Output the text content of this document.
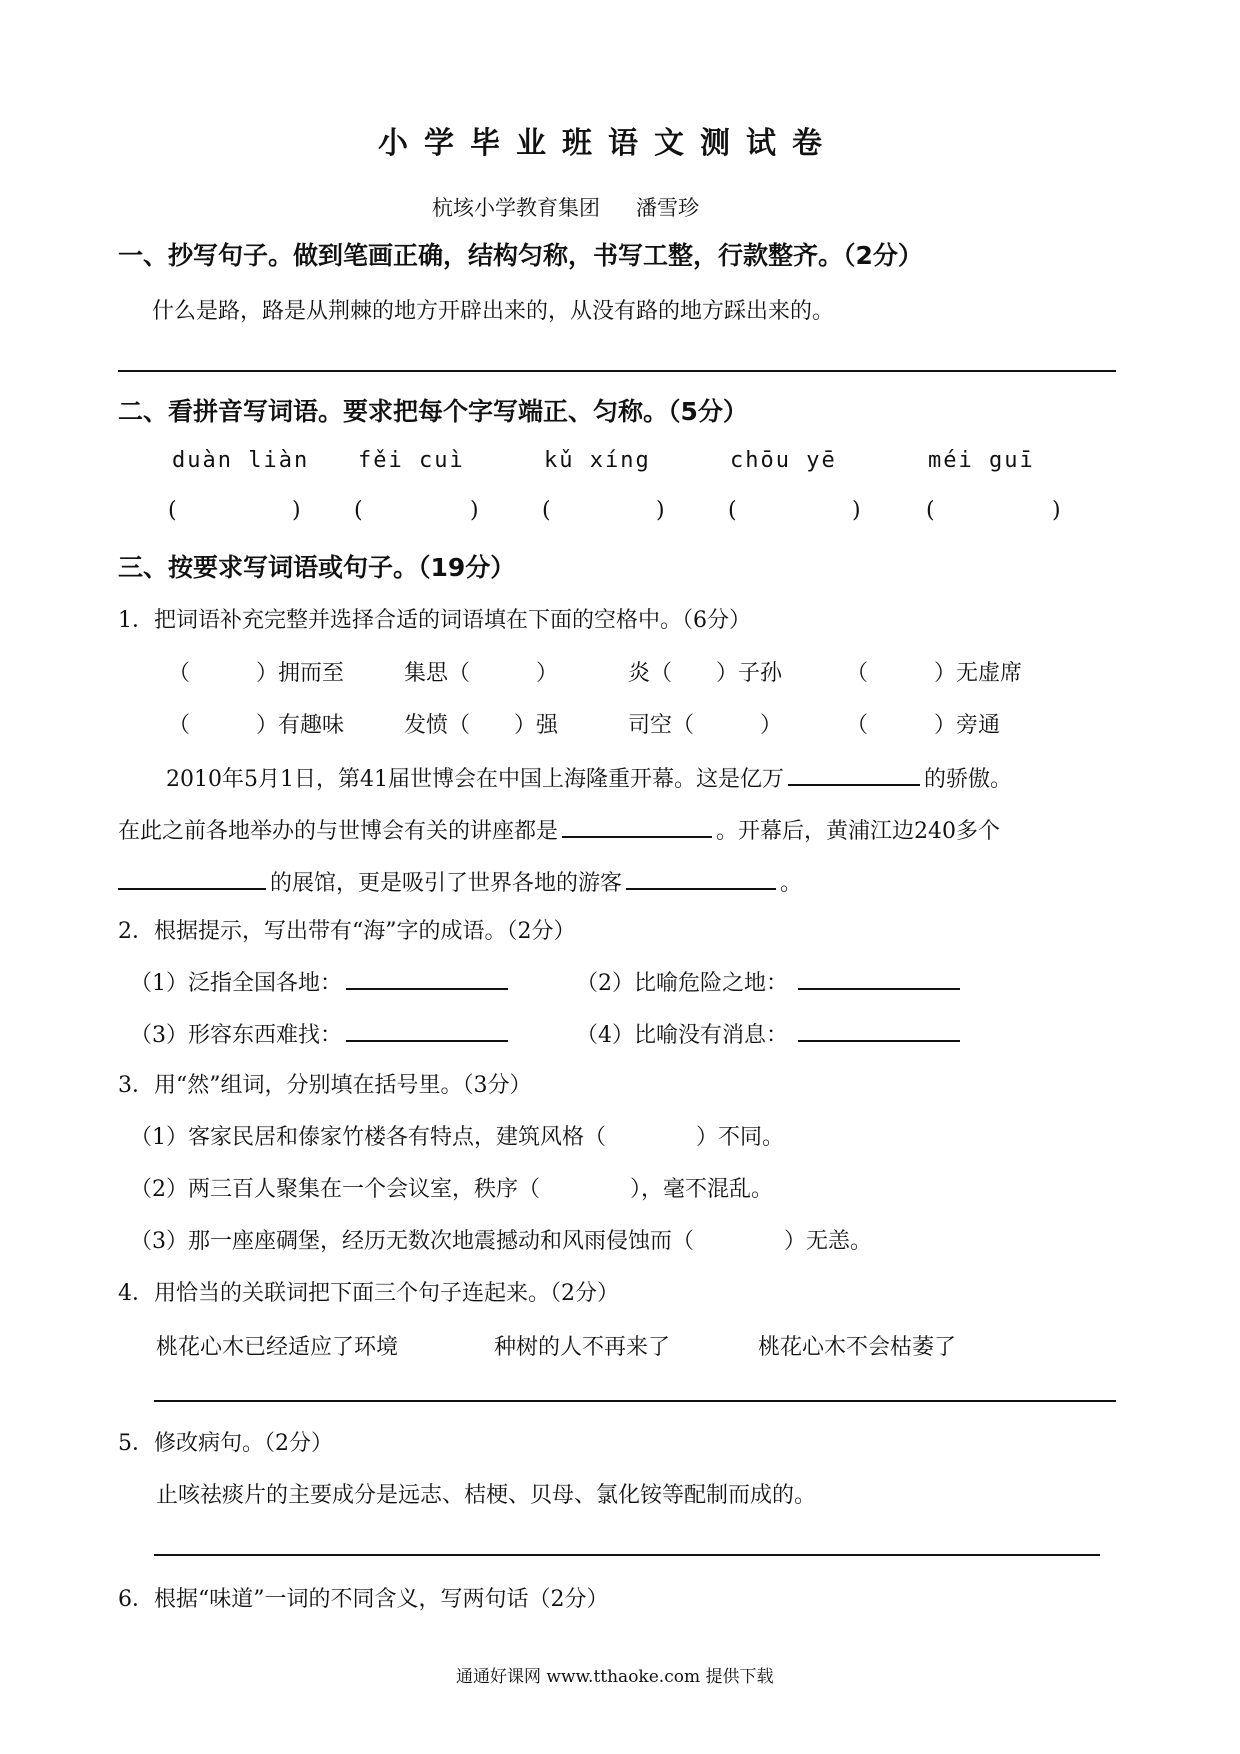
小学毕业班语文测试卷
杭垓小学教育集团 潘雪珍
一、抄写句子。做到笔画正确，结构匀称，书写工整，行款整齐。（2分）
什么是路，路是从荆棘的地方开辟出来的，从没有路的地方踩出来的。
二、看拼音写词语。要求把每个字写端正、匀称。（5分）
duàn liàn fěi cuì	kǔ xíng	chōu yē	méi guī
(	) (	)	(	)	(	)	(	)
三、按要求写词语或句子。（19分）
1．把词语补充完整并选择合适的词语填在下面的空格中。（6分）
（　　　）拥而至	集思（　　　）	炎（　　）子孙	（　　　）无虚席
（　　　）有趣味	发愤（　　）强	司空（　　　）	（　　　）旁通
2010年5月1日，第41届世博会在中国上海隆重开幕。这是亿万	的骄傲。
在此之前各地举办的与世博会有关的讲座都是	。开幕后，黄浦江边240多个
的展馆，更是吸引了世界各地的游客	。
2．根据提示，写出带有“海”字的成语。（2分）
（1）泛指全国各地：	（2）比喻危险之地：
（3）形容东西难找：	（4）比喻没有消息：
3．用“然”组词，分别填在括号里。（3分）
（1）客家民居和傣家竹楼各有特点，建筑风格（	）不同。
（2）两三百人聚集在一个会议室，秩序（	），毫不混乱。
（3）那一座座碉堡，经历无数次地震撼动和风雨侵蚀而（	）无恙。
4．用恰当的关联词把下面三个句子连起来。（2分）
桃花心木已经适应了环境	种树的人不再来了	桃花心木不会枯萎了
5．修改病句。（2分）
止咳祛痰片的主要成分是远志、桔梗、贝母、氯化铵等配制而成的。
6．根据“味道”一词的不同含义，写两句话（2分）
通通好课网 www.tthaoke.com 提供下载
